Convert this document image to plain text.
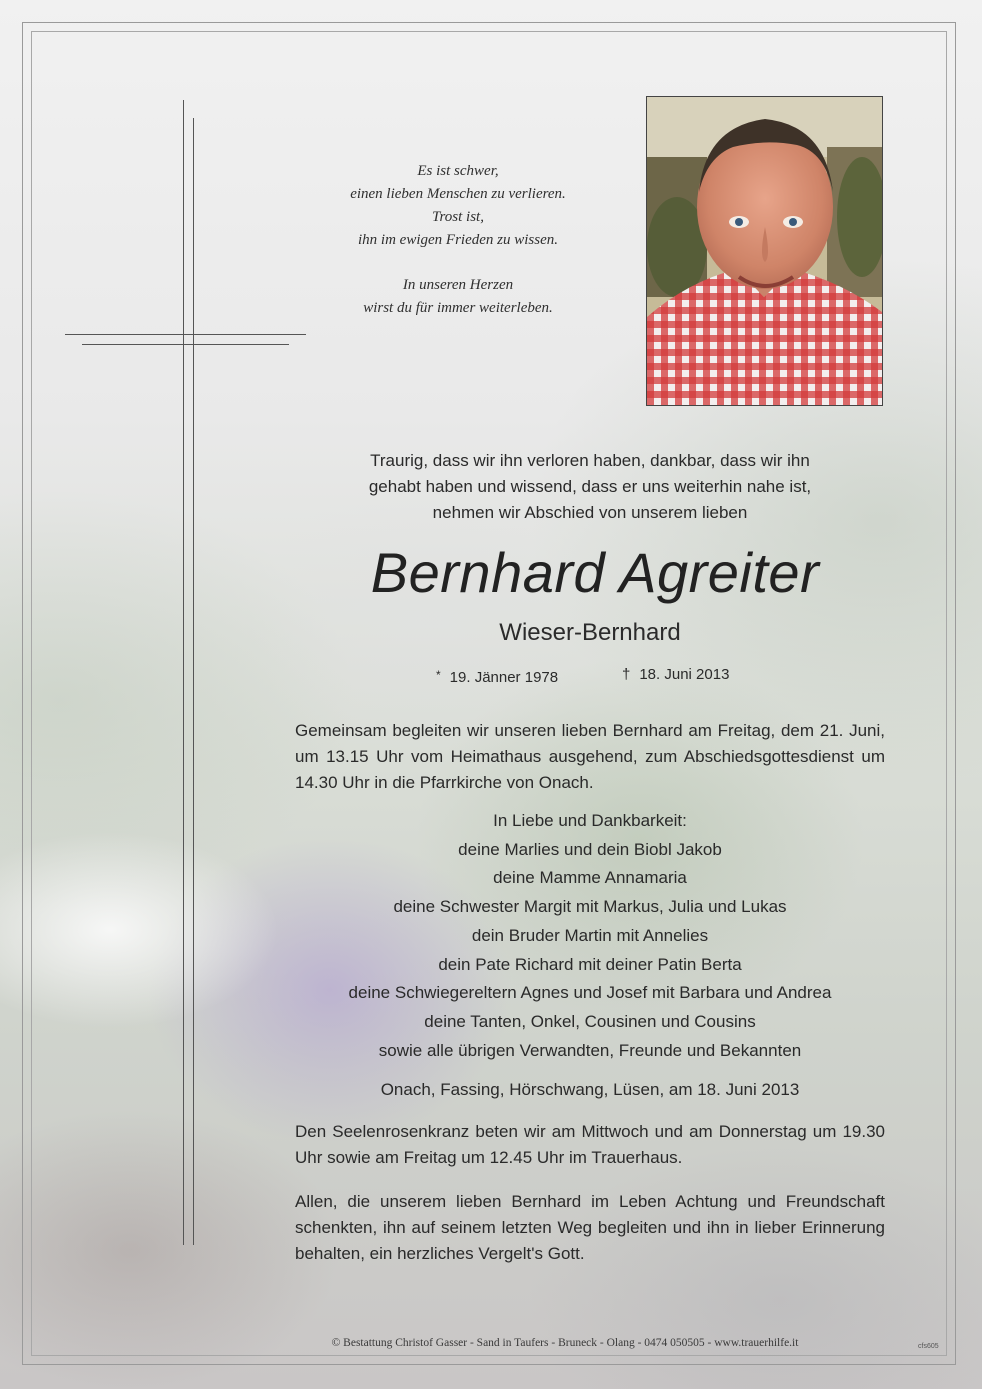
Es ist schwer,

einen lieben Menschen zu verlieren.

Trost ist,

ihn im ewigen Frieden zu wissen.

In unseren Herzen

wirst du für immer weiterleben.

Traurig, dass wir ihn verloren haben, dankbar, dass wir ihn
gehabt haben und wissend, dass er uns weiterhin nahe ist,
nehmen wir Abschied von unserem lieben
Bernhard Agreiter
Wieser-Bernhard
* 19. Jänner 1978	† 18. Juni 2013
Gemeinsam begleiten wir unseren lieben Bernhard am Freitag, dem 21. Juni, um 13.15 Uhr vom Heimathaus ausgehend, zum Abschiedsgottesdienst um 14.30 Uhr in die Pfarrkirche von Onach.
In Liebe und Dankbarkeit:
deine Marlies und dein Biobl Jakob
deine Mamme Annamaria
deine Schwester Margit mit Markus, Julia und Lukas
dein Bruder Martin mit Annelies
dein Pate Richard mit deiner Patin Berta
deine Schwiegereltern Agnes und Josef mit Barbara und Andrea
deine Tanten, Onkel, Cousinen und Cousins
sowie alle übrigen Verwandten, Freunde und Bekannten
Onach, Fassing, Hörschwang, Lüsen, am 18. Juni 2013
Den Seelenrosenkranz beten wir am Mittwoch und am Donnerstag um 19.30 Uhr sowie am Freitag um 12.45 Uhr im Trauerhaus.
Allen, die unserem lieben Bernhard im Leben Achtung und Freundschaft schenkten, ihn auf seinem letzten Weg begleiten und ihn in lieber Erinnerung behalten, ein herzliches Vergelt's Gott.
© Bestattung Christof Gasser - Sand in Taufers - Bruneck - Olang - 0474 050505 - www.trauerhilfe.it	cfs605
